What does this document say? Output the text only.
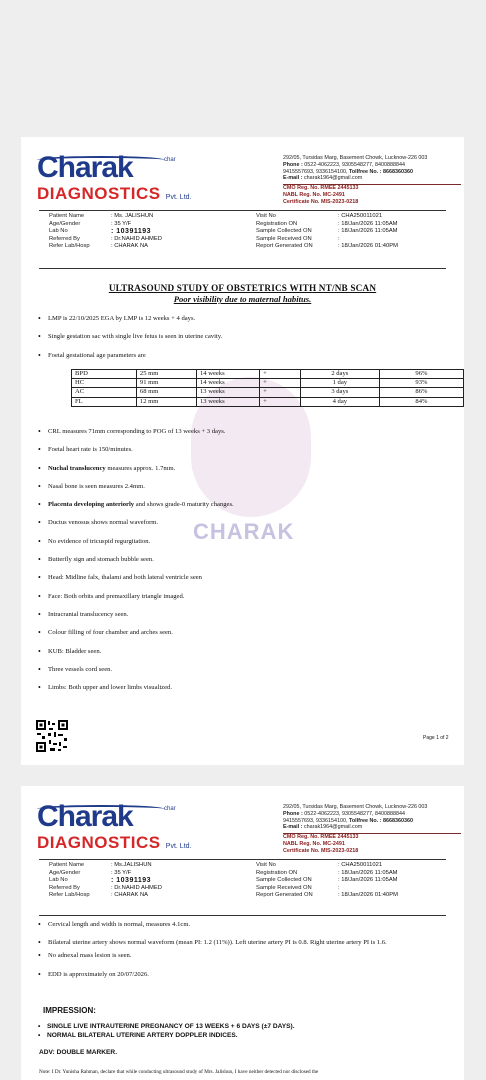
CHARAK
Charak	char
DIAGNOSTICS Pvt. Ltd.
292/05, Tursidas Marg, Basement Chowk, Lucknow-226 003
Phone : 0522-4062223, 9305548277, 8400888844
9415557693, 9336154100, Tollfree No. : 8668360360
E-mail : charak1964@gmail.com
CMO Reg. No. RMEE 2445133
NABL Reg. No. MC-2491
Certificate No. MIS-2023-0218
Patient Name	: Ms. JALISHUN	Visit No	: CHA250011021
Age/Gender	: 35 Y/F	Registration ON	: 18/Jan/2026 11:05AM
Lab No	: 10391193	Sample Collected ON	: 18/Jan/2026 11:05AM
Referred By	: Dr.NAHID AHMED	Sample Received ON	:
Refer Lab/Hosp	: CHARAK NA	Report Generated ON	: 18/Jan/2026 01:40PM
ULTRASOUND STUDY OF OBSTETRICS WITH NT/NB SCAN
Poor visibility due to maternal habitus.
• LMP is 22/10/2025 EGA by LMP is 12 weeks + 4 days.
• Single gestation sac with single live fetus is seen in uterine cavity.
• Foetal gestational age parameters are
BPD	25 mm	14 weeks	+	2 days	96%
HC	91 mm	14 weeks	+	1 day	93%
AC	68 mm	13 weeks	+	3 days	86%
FL	12 mm	13 weeks	+	4 day	84%
• CRL measures 71mm corresponding to POG of 13 weeks + 3 days.
• Foetal heart rate is 150/minutes.
• Nuchal translucency measures approx. 1.7mm.
• Nasal bone is seen measures 2.4mm.
• Placenta developing anteriorly and shows grade-0 maturity changes.
• Ductus venosus shows normal waveform.
• No evidence of tricuspid regurgitation.
• Butterfly sign and stomach bubble seen.
• Head: Midline falx, thalami and both lateral ventricle seen
• Face: Both orbits and premaxillary triangle imaged.
• Intracranial translucency seen.
• Colour filling of four chamber and arches seen.
• KUB: Bladder seen.
• Three vessels cord seen.
• Limbs: Both upper and lower limbs visualized.
Page 1 of 2
Charak	char
DIAGNOSTICS Pvt. Ltd.
292/05, Tursidas Marg, Basement Chowk, Lucknow-226 003
Phone : 0522-4062223, 9305548277, 8400888844
9415557693, 9336154100, Tollfree No. : 8668360360
E-mail : charak1964@gmail.com
CMO Reg. No. RMEE 2445133
NABL Reg. No. MC-2491
Certificate No. MIS-2023-0218
Patient Name	: Ms.JALISHUN	Visit No	: CHA250011021
Age/Gender	: 35 Y/F	Registration ON	: 18/Jan/2026 11:05AM
Lab No	: 10391193	Sample Collected ON	: 18/Jan/2026 11:05AM
Referred By	: Dr.NAHID AHMED	Sample Received ON	:
Refer Lab/Hosp	: CHARAK NA	Report Generated ON	: 18/Jan/2026 01:40PM
• Cervical length and width is normal, measures 4.1cm.
• Bilateral uterine artery shows normal waveform (mean PI: 1.2 (11%)). Left uterine artery PI is 0.8. Right uterine artery PI is 1.6.
• No adnexal mass lesion is seen.
• EDD is approximately on 20/07/2026.
IMPRESSION:
• SINGLE LIVE INTRAUTERINE PREGNANCY OF 13 WEEKS + 6 DAYS (±7 DAYS).
• NORMAL BILATERAL UTERINE ARTERY DOPPLER INDICES.
ADV: DOUBLE MARKER.
Note: I Dr. Yunisha Rahman, declare that while conducting ultrasound study of Mrs. Jalishun, I have neither detected nor disclosed the
